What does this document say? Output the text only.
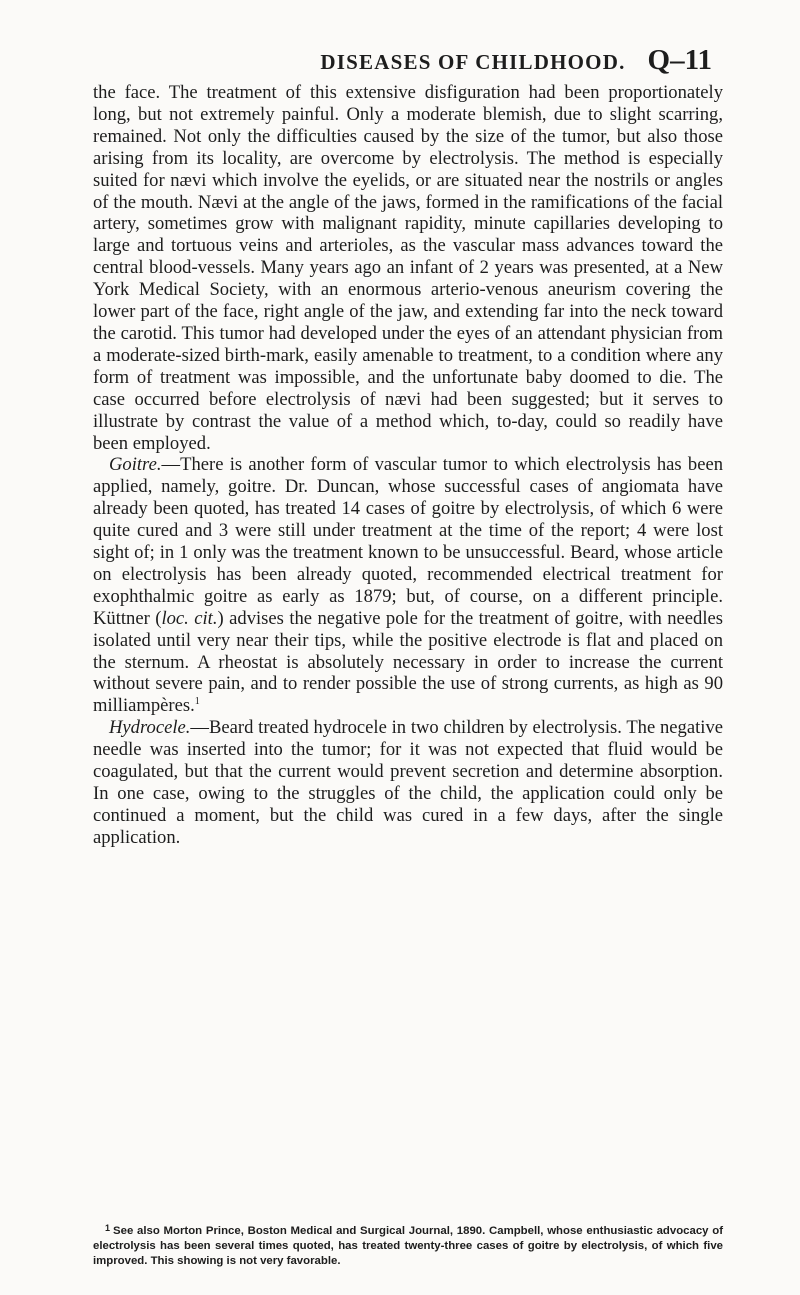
DISEASES OF CHILDHOOD. Q–11

the face. The treatment of this extensive disfiguration had been proportionately long, but not extremely painful. Only a moderate blemish, due to slight scarring, remained. Not only the difficulties caused by the size of the tumor, but also those arising from its locality, are overcome by electrolysis. The method is especially suited for nævi which involve the eyelids, or are situated near the nostrils or angles of the mouth. Nævi at the angle of the jaws, formed in the ramifications of the facial artery, sometimes grow with malignant rapidity, minute capillaries developing to large and tortuous veins and arterioles, as the vascular mass advances toward the central blood-vessels. Many years ago an infant of 2 years was presented, at a New York Medical Society, with an enormous arterio-venous aneurism covering the lower part of the face, right angle of the jaw, and extending far into the neck toward the carotid. This tumor had developed under the eyes of an attendant physician from a moderate-sized birth-mark, easily amenable to treatment, to a condition where any form of treatment was impossible, and the unfortunate baby doomed to die. The case occurred before electrolysis of nævi had been suggested; but it serves to illustrate by contrast the value of a method which, to-day, could so readily have been employed.

Goitre.—There is another form of vascular tumor to which electrolysis has been applied, namely, goitre. Dr. Duncan, whose successful cases of angiomata have already been quoted, has treated 14 cases of goitre by electrolysis, of which 6 were quite cured and 3 were still under treatment at the time of the report; 4 were lost sight of; in 1 only was the treatment known to be unsuccessful. Beard, whose article on electrolysis has been already quoted, recommended electrical treatment for exophthalmic goitre as early as 1879; but, of course, on a different principle. Küttner (loc. cit.) advises the negative pole for the treatment of goitre, with needles isolated until very near their tips, while the positive electrode is flat and placed on the sternum. A rheostat is absolutely necessary in order to increase the current without severe pain, and to render possible the use of strong currents, as high as 90 milliampères.$^1$

Hydrocele.—Beard treated hydrocele in two children by electrolysis. The negative needle was inserted into the tumor; for it was not expected that fluid would be coagulated, but that the current would prevent secretion and determine absorption. In one case, owing to the struggles of the child, the application could only be continued a moment, but the child was cured in a few days, after the single application.

$^1$ See also Morton Prince, Boston Medical and Surgical Journal, 1890. Campbell, whose enthusiastic advocacy of electrolysis has been several times quoted, has treated twenty-three cases of goitre by electrolysis, of which five improved. This showing is not very favorable.
